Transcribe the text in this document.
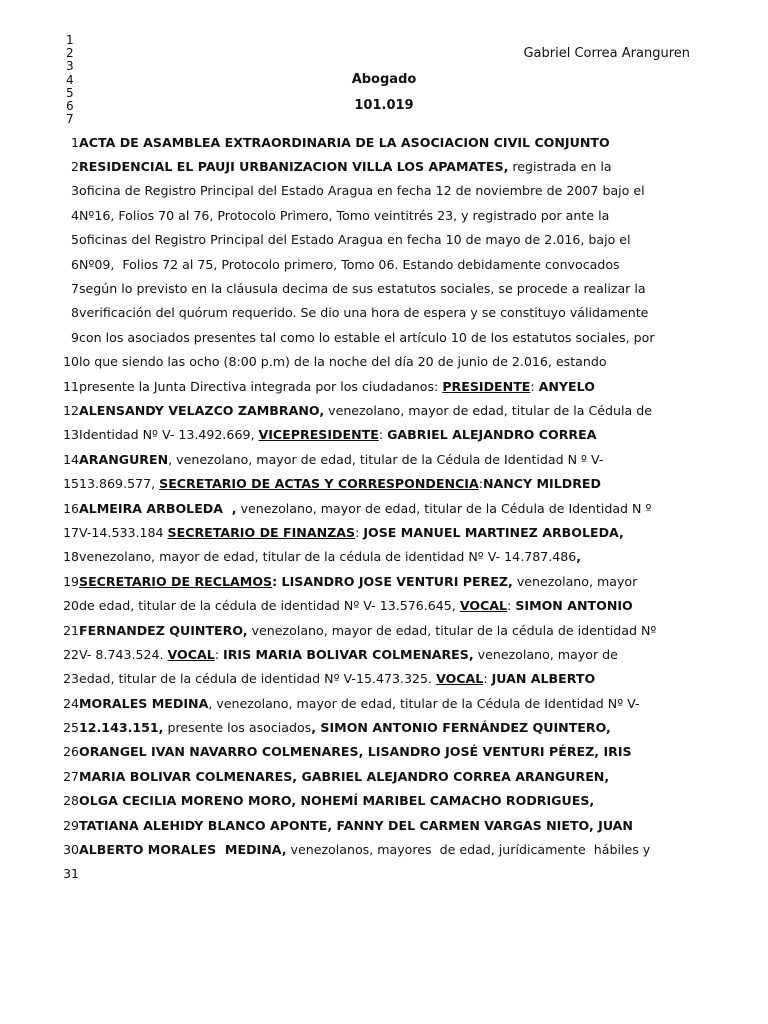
1
2
3
4
5
6
7
Gabriel Correa Aranguren
Abogado
101.019
1 ACTA DE ASAMBLEA EXTRAORDINARIA DE LA ASOCIACION CIVIL CONJUNTO
2 RESIDENCIAL EL PAUJI URBANIZACION VILLA LOS APAMATES, registrada en la
3 oficina de Registro Principal del Estado Aragua en fecha 12 de noviembre de 2007 bajo el
4 Nº16, Folios 70 al 76, Protocolo Primero, Tomo veintitrés 23, y registrado por ante la
5 oficinas del Registro Principal del Estado Aragua en fecha 10 de mayo de 2.016, bajo el
6 Nº09,  Folios 72 al 75, Protocolo primero, Tomo 06. Estando debidamente convocados
7 según lo previsto en la cláusula decima de sus estatutos sociales, se procede a realizar la
8 verificación del quórum requerido. Se dio una hora de espera y se constituyo válidamente
9 con los asociados presentes tal como lo estable el artículo 10 de los estatutos sociales, por
10 lo que siendo las ocho (8:00 p.m) de la noche del día 20 de junio de 2.016, estando
11 presente la Junta Directiva integrada por los ciudadanos: PRESIDENTE: ANYELO
12 ALENSANDY VELAZCO ZAMBRANO, venezolano, mayor de edad, titular de la Cédula de
13 Identidad Nº V- 13.492.669, VICEPRESIDENTE: GABRIEL ALEJANDRO CORREA
14 ARANGUREN, venezolano, mayor de edad, titular de la Cédula de Identidad N º V-
15 13.869.577, SECRETARIO DE ACTAS Y CORRESPONDENCIA:NANCY MILDRED
16 ALMEIRA ARBOLEDA  , venezolano, mayor de edad, titular de la Cédula de Identidad N º
17 V-14.533.184 SECRETARIO DE FINANZAS: JOSE MANUEL MARTINEZ ARBOLEDA,
18 venezolano, mayor de edad, titular de la cédula de identidad Nº V- 14.787.486,
19 SECRETARIO DE RECLAMOS: LISANDRO JOSE VENTURI PEREZ, venezolano, mayor
20 de edad, titular de la cédula de identidad Nº V- 13.576.645, VOCAL: SIMON ANTONIO
21 FERNANDEZ QUINTERO, venezolano, mayor de edad, titular de la cédula de identidad Nº
22 V- 8.743.524. VOCAL: IRIS MARIA BOLIVAR COLMENARES, venezolano, mayor de
23 edad, titular de la cédula de identidad Nº V-15.473.325. VOCAL: JUAN ALBERTO
24 MORALES MEDINA, venezolano, mayor de edad, titular de la Cédula de Identidad Nº V-
25 12.143.151, presente los asociados, SIMON ANTONIO FERNÁNDEZ QUINTERO,
26 ORANGEL IVAN NAVARRO COLMENARES, LISANDRO JOSÉ VENTURI PÉREZ, IRIS
27 MARIA BOLIVAR COLMENARES, GABRIEL ALEJANDRO CORREA ARANGUREN,
28 OLGA CECILIA MORENO MORO, NOHEMÍ MARIBEL CAMACHO RODRIGUES,
29 TATIANA ALEHIDY BLANCO APONTE, FANNY DEL CARMEN VARGAS NIETO, JUAN
30 ALBERTO MORALES  MEDINA, venezolanos, mayores  de edad, jurídicamente  hábiles y
31
